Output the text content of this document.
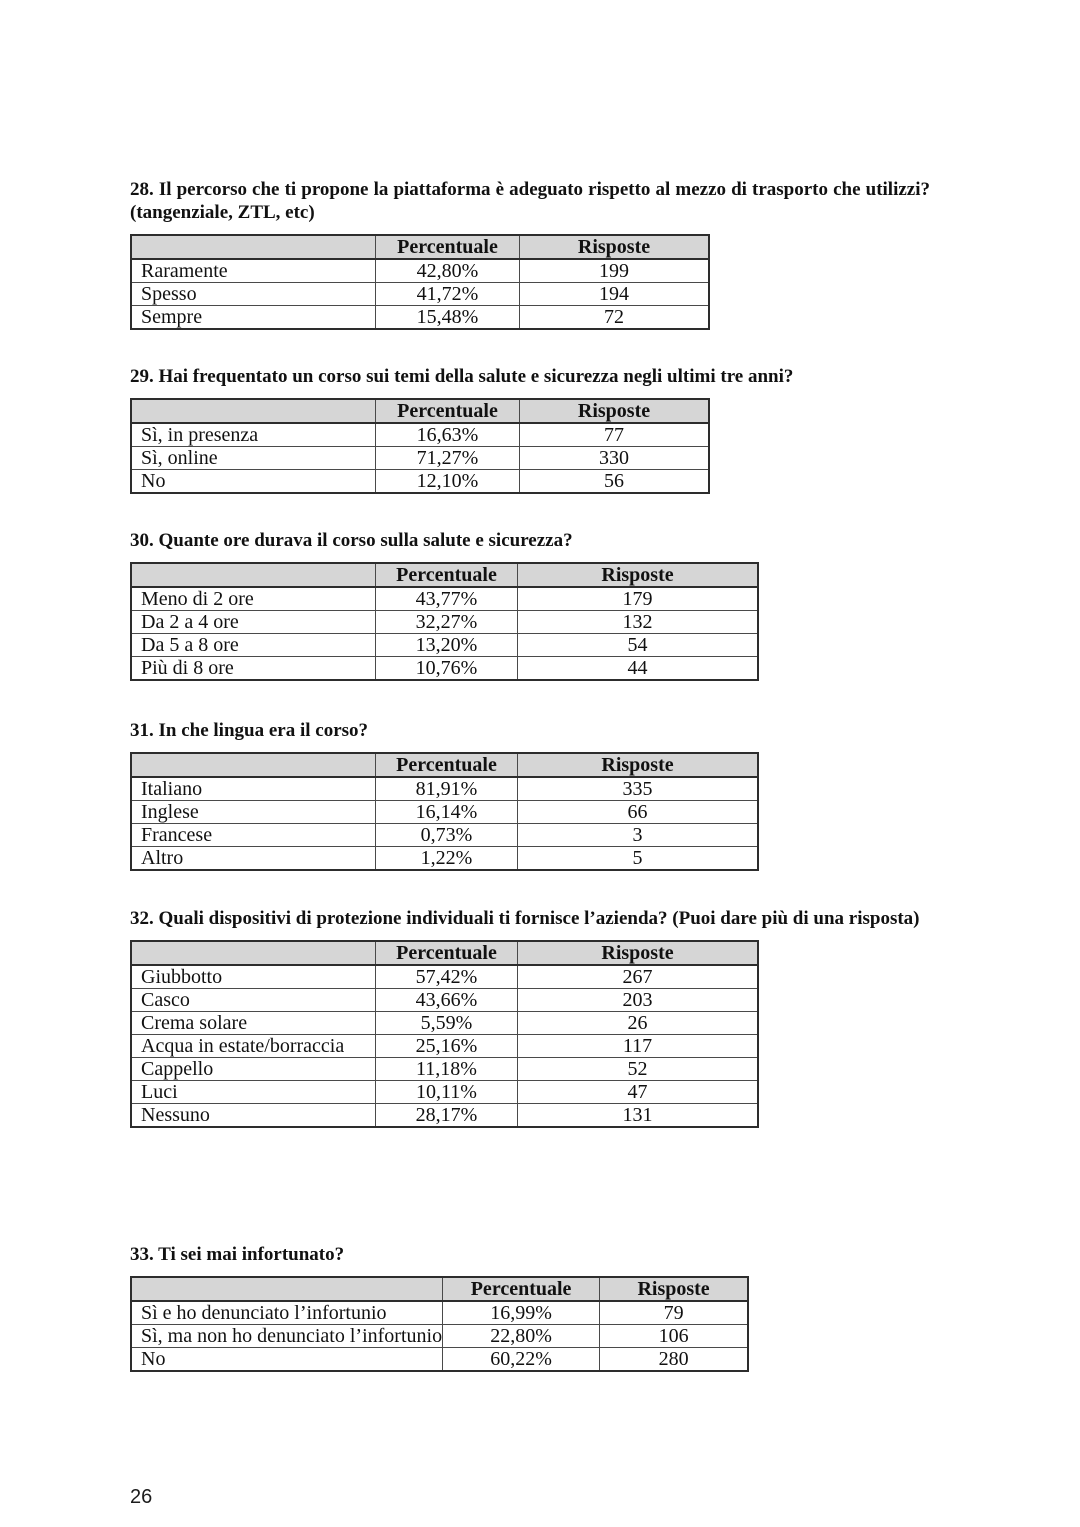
28. Il percorso che ti propone la piattaforma è adeguato rispetto al mezzo di trasporto che utilizzi? (tangenziale, ZTL, etc)

	Percentuale	Risposte
Raramente	42,80%	199
Spesso	41,72%	194
Sempre	15,48%	72

29. Hai frequentato un corso sui temi della salute e sicurezza negli ultimi tre anni?

	Percentuale	Risposte
Sì, in presenza	16,63%	77
Sì, online	71,27%	330
No	12,10%	56

30. Quante ore durava il corso sulla salute e sicurezza?

	Percentuale	Risposte
Meno di 2 ore	43,77%	179
Da 2 a 4 ore	32,27%	132
Da 5 a 8 ore	13,20%	54
Più di 8 ore	10,76%	44

31. In che lingua era il corso?

	Percentuale	Risposte
Italiano	81,91%	335
Inglese	16,14%	66
Francese	0,73%	3
Altro	1,22%	5

32. Quali dispositivi di protezione individuali ti fornisce l’azienda? (Puoi dare più di una risposta)

	Percentuale	Risposte
Giubbotto	57,42%	267
Casco	43,66%	203
Crema solare	5,59%	26
Acqua in estate/borraccia	25,16%	117
Cappello	11,18%	52
Luci	10,11%	47
Nessuno	28,17%	131

33. Ti sei mai infortunato?

	Percentuale	Risposte
Sì e ho denunciato l’infortunio	16,99%	79
Sì, ma non ho denunciato l’infortunio	22,80%	106
No	60,22%	280
26
